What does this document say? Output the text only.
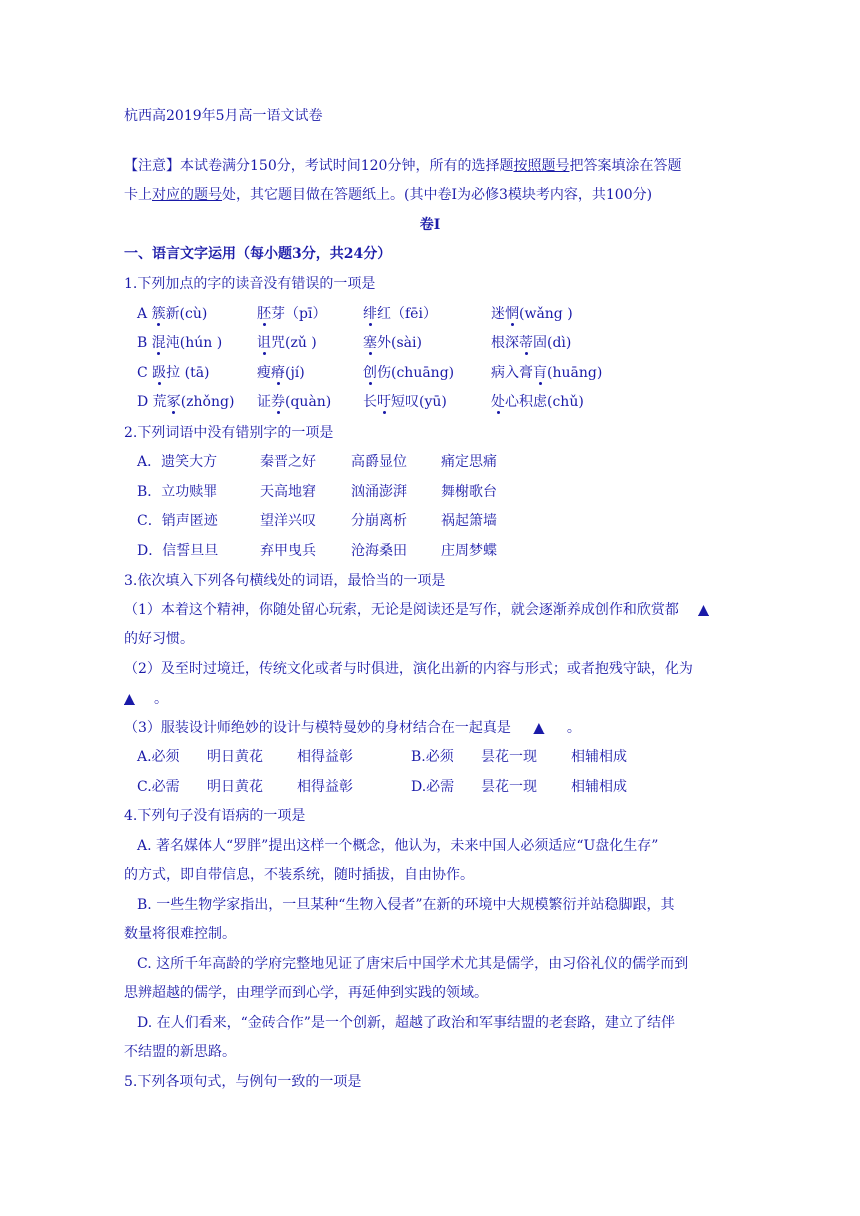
杭西高2019年5月高一语文试卷
【注意】本试卷满分150分，考试时间120分钟，所有的选择题按照题号把答案填涂在答题
卡上对应的题号处，其它题目做在答题纸上。(其中卷Ⅰ为必修3模块考内容，共100分)
卷Ⅰ
一、语言文字运用（每小题3分，共24分）
1.下列加点的字的读音没有错误的一项是
A 簇新(cù)	胚芽（pī）	绯红（fēi）	迷惘(wǎng )
B 混沌(hún ) 诅咒(zǔ )	塞外(sài)	根深蒂固(dì)
C 趿拉 (tā)	瘦瘠(jí)	创伤(chuāng)	病入膏肓(huāng)
D 荒冢(zhǒng) 证券(quàn) 长吁短叹(yū)	处心积虑(chǔ)
2.下列词语中没有错别字的一项是
A．遗笑大方	秦晋之好	高爵显位 痛定思痛
B．立功赎罪	天高地窘	汹涌澎湃 舞榭歌台
C．销声匿迹	望洋兴叹	分崩离析 祸起箫墙
D．信誓旦旦	弃甲曳兵	沧海桑田 庄周梦蝶
3.依次填入下列各句横线处的词语，最恰当的一项是
（1）本着这个精神，你随处留心玩索，无论是阅读还是写作，就会逐渐养成创作和欣赏都 ▲
的好习惯。
（2）及至时过境迁，传统文化或者与时俱进，演化出新的内容与形式；或者抱残守缺，化为
▲ 。
（3）服装设计师绝妙的设计与模特曼妙的身材结合在一起真是 ▲ 。
A.必须 明日黄花 相得益彰	B.必须 昙花一现 相辅相成
C.必需 明日黄花 相得益彰	D.必需 昙花一现 相辅相成
4.下列句子没有语病的一项是
A. 著名媒体人“罗胖”提出这样一个概念，他认为，未来中国人必须适应“U盘化生存”
的方式，即自带信息，不装系统，随时插拔，自由协作。
B. 一些生物学家指出，一旦某种“生物入侵者”在新的环境中大规模繁衍并站稳脚跟，其
数量将很难控制。
C. 这所千年高龄的学府完整地见证了唐宋后中国学术尤其是儒学，由习俗礼仪的儒学而到
思辨超越的儒学，由理学而到心学，再延伸到实践的领域。
D. 在人们看来，“金砖合作”是一个创新，超越了政治和军事结盟的老套路，建立了结伴
不结盟的新思路。
5.下列各项句式，与例句一致的一项是
